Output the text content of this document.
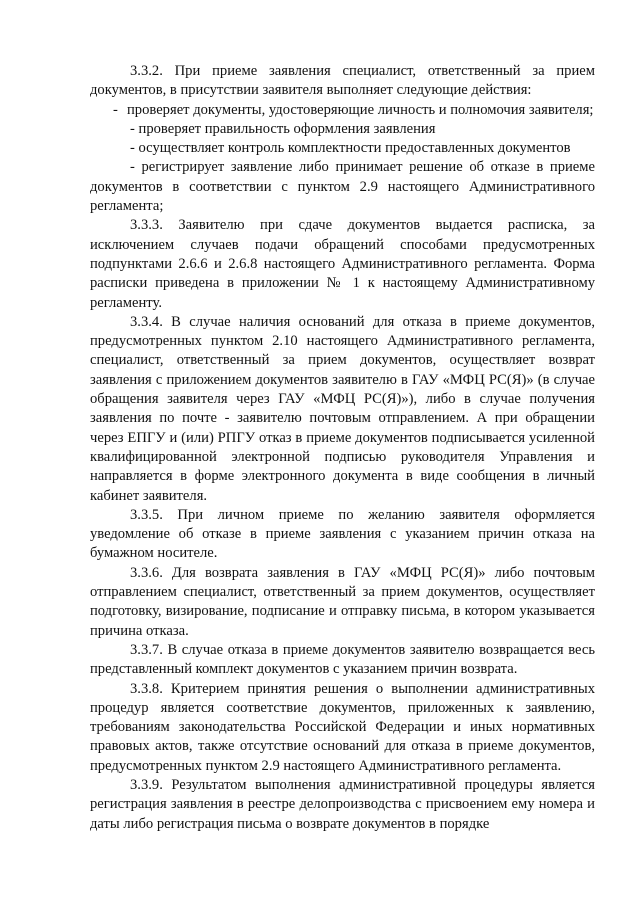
3.3.2. При приеме заявления специалист, ответственный за прием документов, в присутствии заявителя выполняет следующие действия:

- проверяет документы, удостоверяющие личность и полномочия заявителя;

- проверяет правильность оформления заявления

- осуществляет контроль комплектности предоставленных документов

- регистрирует заявление либо принимает решение об отказе в приеме документов в соответствии с пунктом 2.9 настоящего Административного регламента;

3.3.3. Заявителю при сдаче документов выдается расписка, за исключением случаев подачи обращений способами предусмотренных подпунктами 2.6.6 и 2.6.8 настоящего Административного регламента. Форма расписки приведена в приложении № 1 к настоящему Административному регламенту.

3.3.4. В случае наличия оснований для отказа в приеме документов, предусмотренных пунктом 2.10 настоящего Административного регламента, специалист, ответственный за прием документов, осуществляет возврат заявления с приложением документов заявителю в ГАУ «МФЦ РС(Я)» (в случае обращения заявителя через ГАУ «МФЦ РС(Я)»), либо в случае получения заявления по почте - заявителю почтовым отправлением. А при обращении через ЕПГУ и (или) РПГУ отказ в приеме документов подписывается усиленной квалифицированной электронной подписью руководителя Управления и направляется в форме электронного документа в виде сообщения в личный кабинет заявителя.

3.3.5. При личном приеме по желанию заявителя оформляется уведомление об отказе в приеме заявления с указанием причин отказа на бумажном носителе.

3.3.6. Для возврата заявления в ГАУ «МФЦ РС(Я)» либо почтовым отправлением специалист, ответственный за прием документов, осуществляет подготовку, визирование, подписание и отправку письма, в котором указывается причина отказа.

3.3.7. В случае отказа в приеме документов заявителю возвращается весь представленный комплект документов с указанием причин возврата.

3.3.8. Критерием принятия решения о выполнении административных процедур является соответствие документов, приложенных к заявлению, требованиям законодательства Российской Федерации и иных нормативных правовых актов, также отсутствие оснований для отказа в приеме документов, предусмотренных пунктом 2.9 настоящего Административного регламента.

3.3.9. Результатом выполнения административной процедуры является регистрация заявления в реестре делопроизводства с присвоением ему номера и даты либо регистрация письма о возврате документов в порядке
